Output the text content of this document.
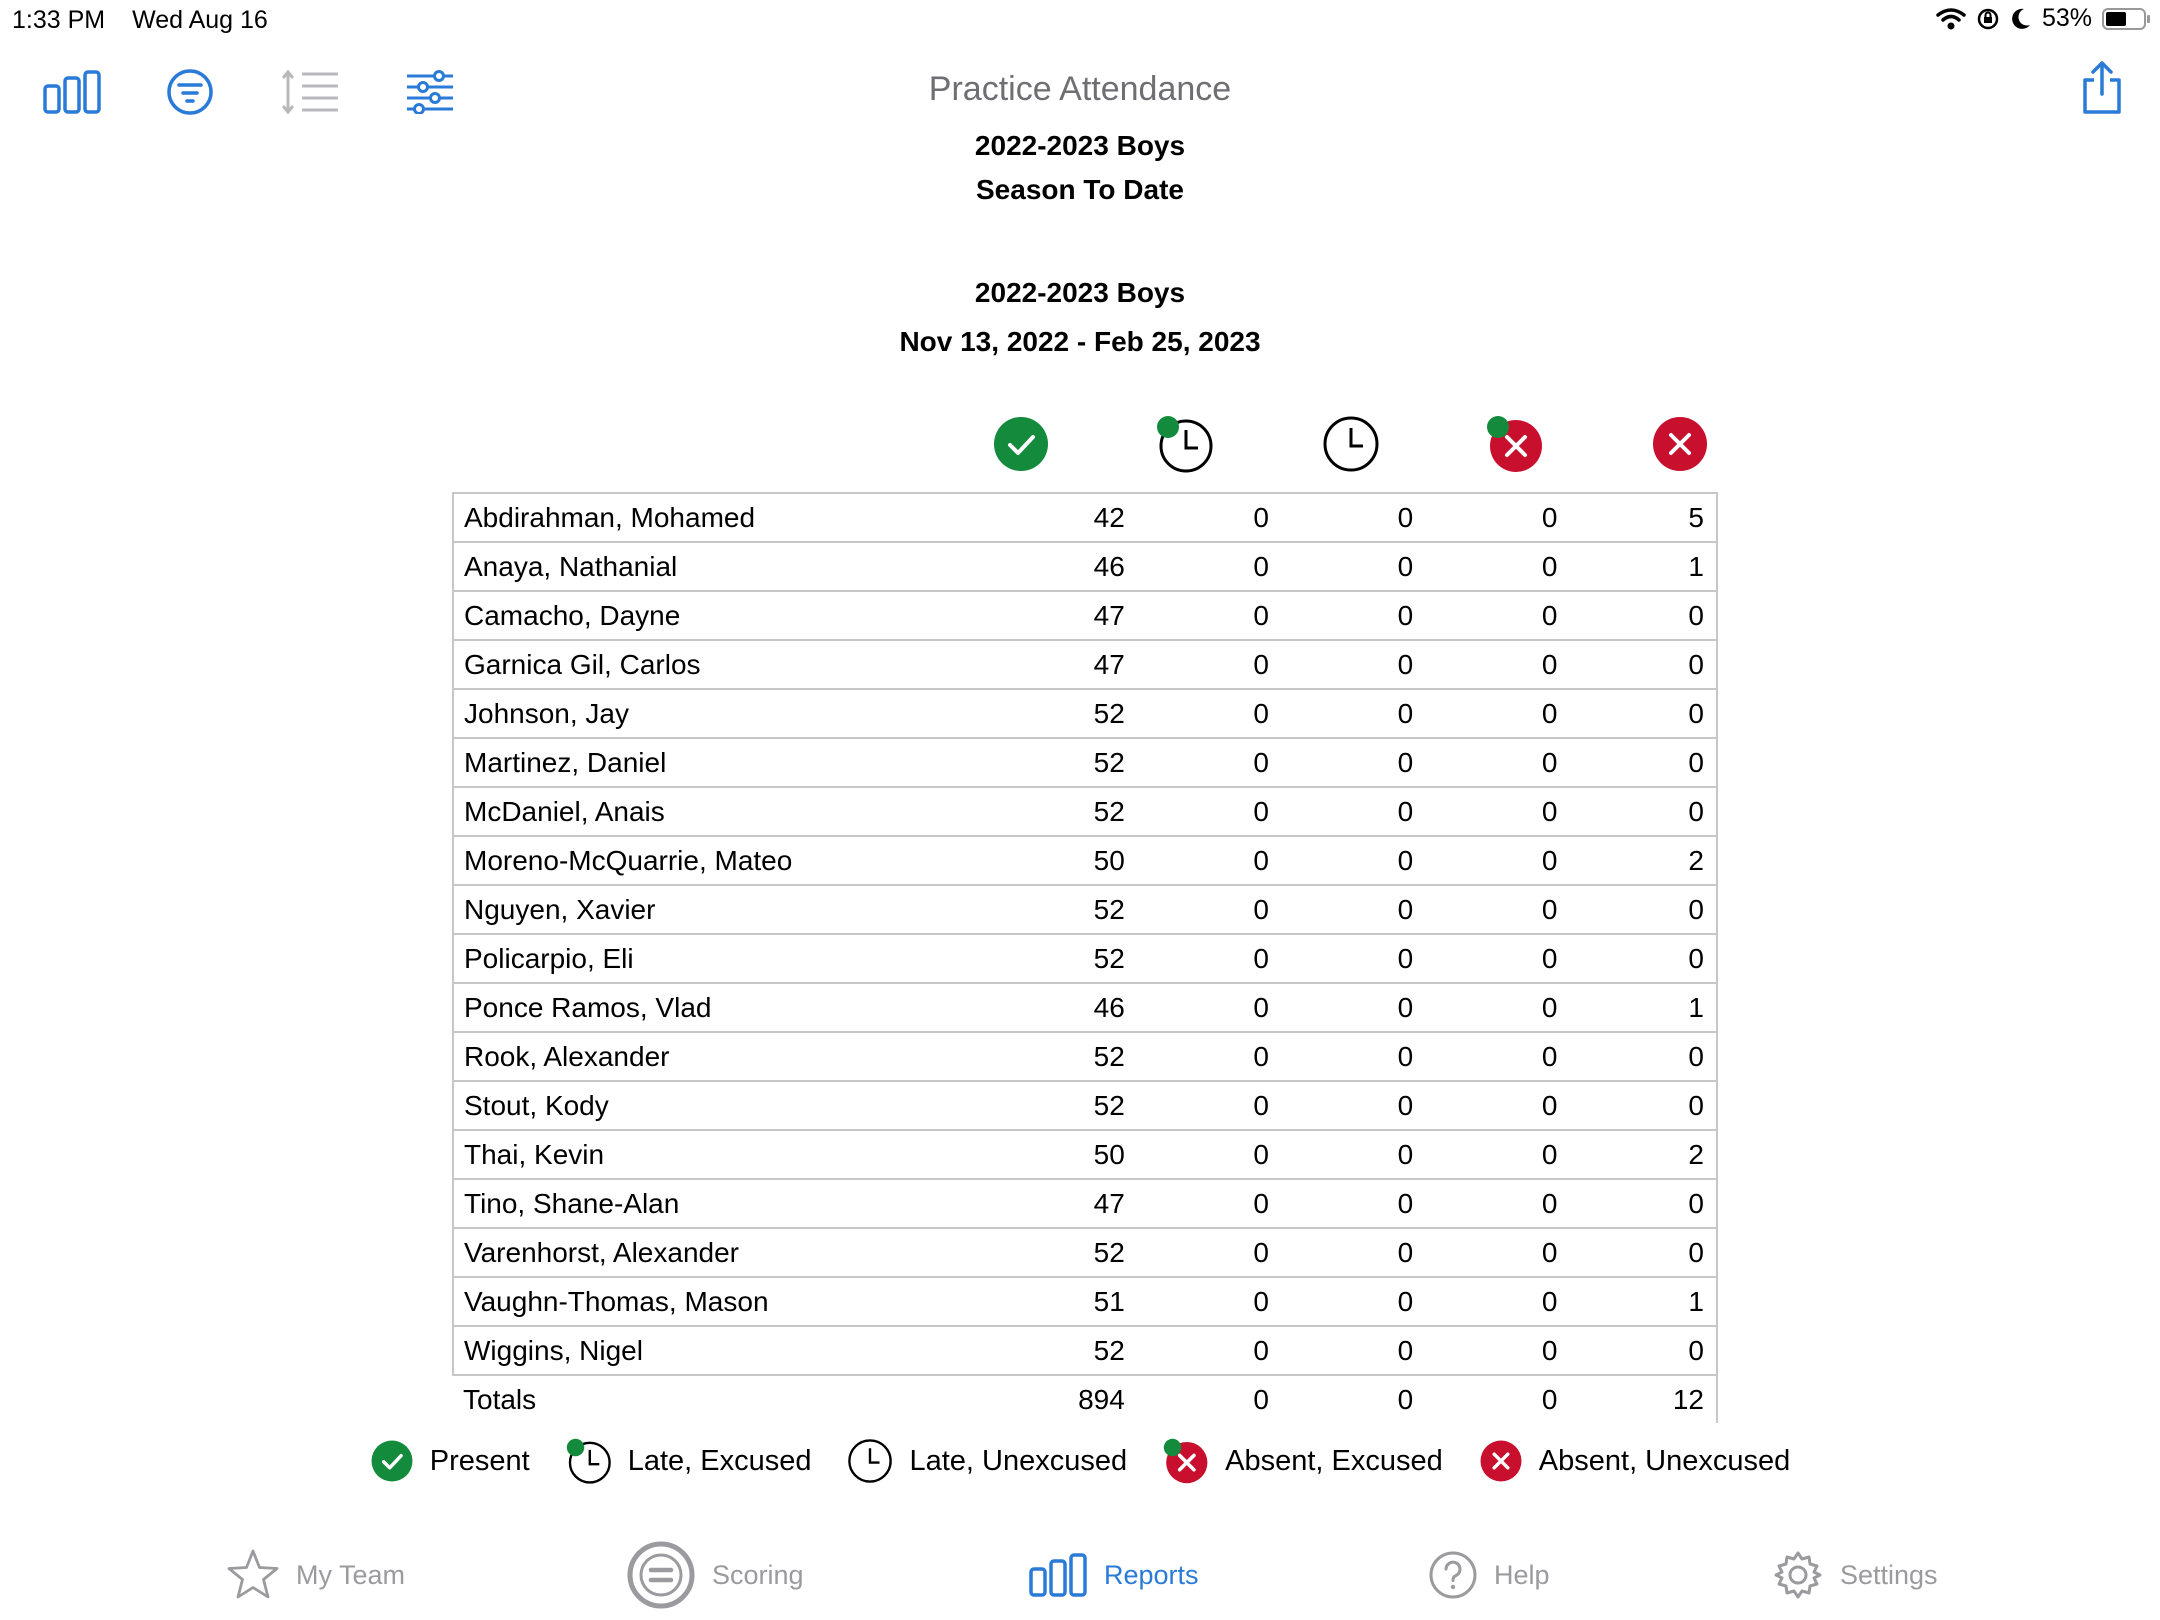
1:33 PM Wed Aug 16	53%
Practice Attendance
2022-2023 Boys
Season To Date
2022-2023 Boys
Nov 13, 2022 - Feb 25, 2023
Abdirahman, Mohamed	42	0	0	0	5
Anaya, Nathanial	46	0	0	0	1
Camacho, Dayne	47	0	0	0	0
Garnica Gil, Carlos	47	0	0	0	0
Johnson, Jay	52	0	0	0	0
Martinez, Daniel	52	0	0	0	0
McDaniel, Anais	52	0	0	0	0
Moreno-McQuarrie, Mateo	50	0	0	0	2
Nguyen, Xavier	52	0	0	0	0
Policarpio, Eli	52	0	0	0	0
Ponce Ramos, Vlad	46	0	0	0	1
Rook, Alexander	52	0	0	0	0
Stout, Kody	52	0	0	0	0
Thai, Kevin	50	0	0	0	2
Tino, Shane-Alan	47	0	0	0	0
Varenhorst, Alexander	52	0	0	0	0
Vaughn-Thomas, Mason	51	0	0	0	1
Wiggins, Nigel	52	0	0	0	0
Totals	894	0	0	0	12
Present	Late, Excused	Late, Unexcused	Absent, Excused	Absent, Unexcused
My Team	Scoring	Reports	Help	Settings
